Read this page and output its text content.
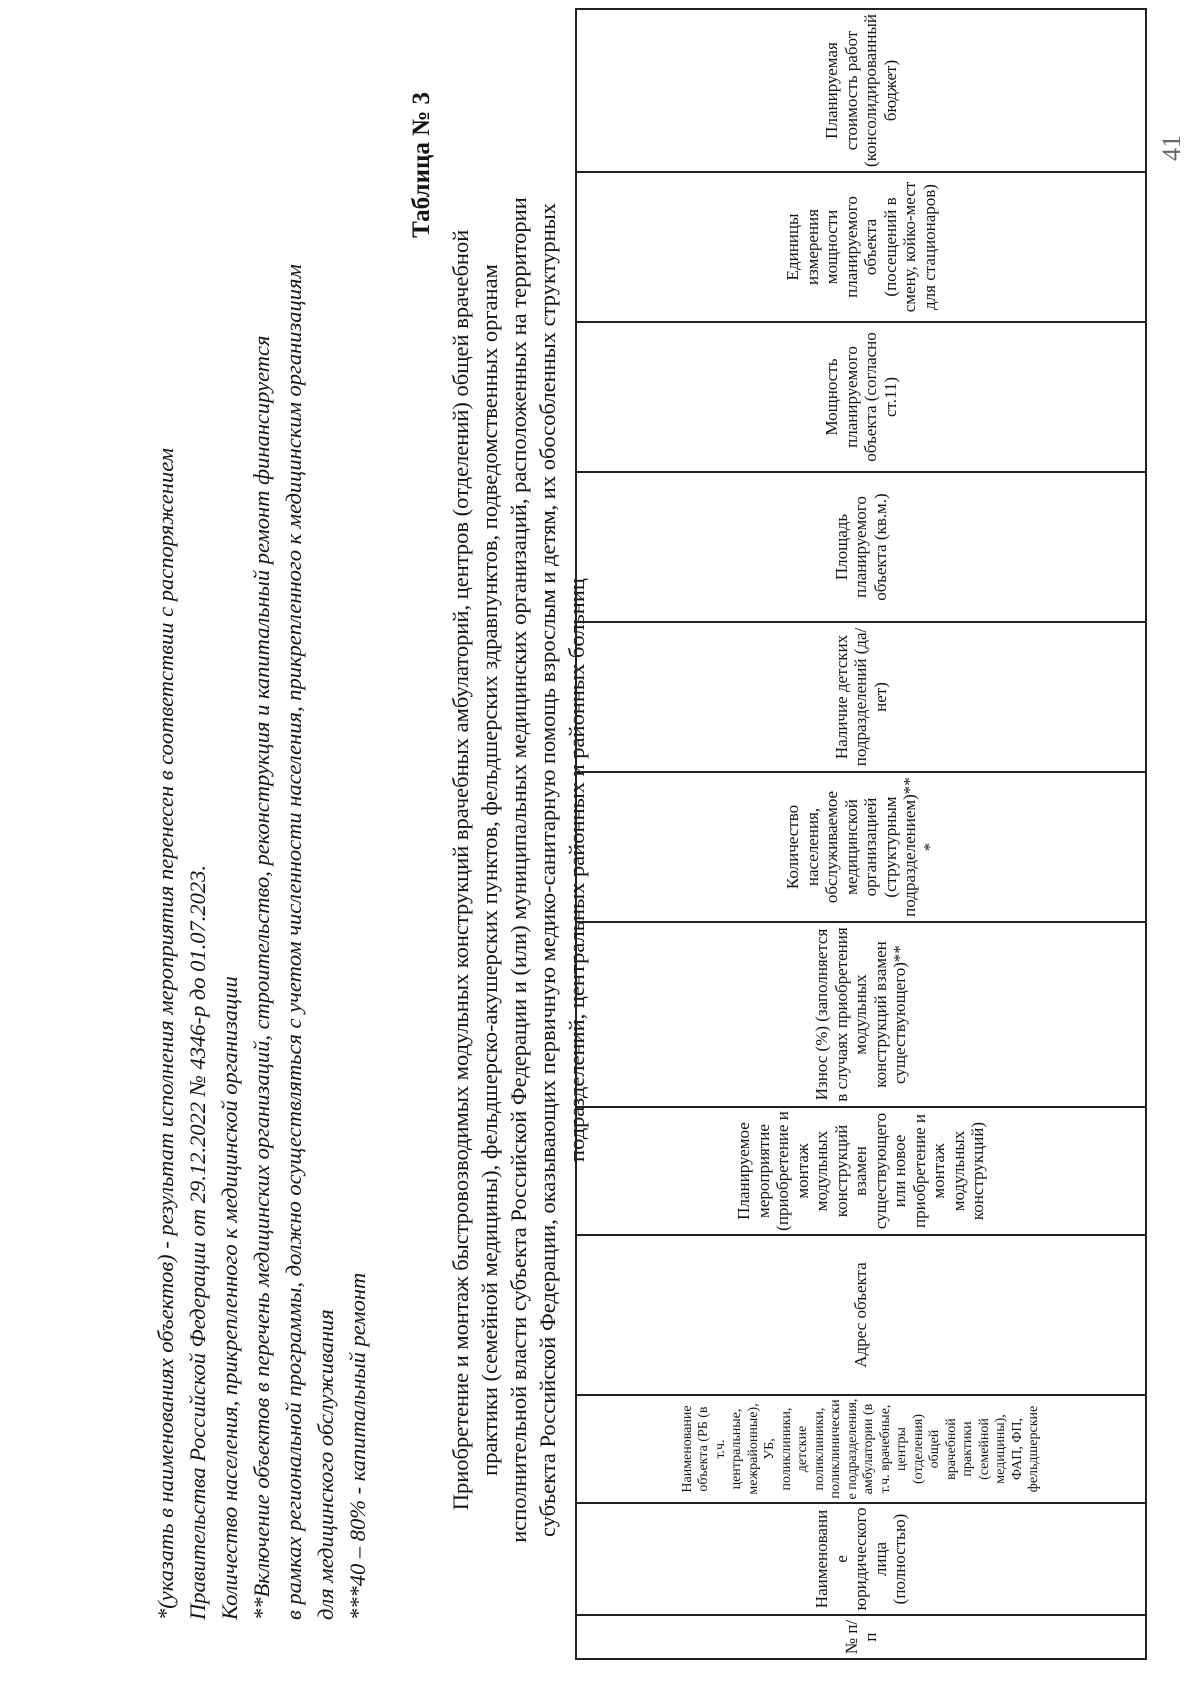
41
*(указать в наименованиях объектов) - результат исполнения мероприятия перенесен в соответствии с распоряжением Правительства Российской Федерации от 29.12.2022 № 4346-р до 01.07.2023. Количество населения, прикрепленного к медицинской организации **Включение объектов в перечень медицинских организаций, строительство, реконструкция и капитальный ремонт финансируется в рамках региональной программы, должно осуществляться с учетом численности населения, прикрепленного к медицинским организациям для медицинского обслуживания ***40 – 80% - капитальный ремонт
Таблица № 3
Приобретение и монтаж быстровозводимых модульных конструкций врачебных амбулаторий, центров (отделений) общей врачебной практики (семейной медицины), фельдшерско-акушерских пунктов, фельдшерских здравпунктов, подведомственных органам исполнительной власти субъекта Российской Федерации и (или) муниципальных медицинских организаций, расположенных на территории субъекта Российской Федерации, оказывающих первичную медико-санитарную помощь взрослым и детям, их обособленных структурных подразделений, центральных районных и районных больниц
№ п/п	Наименование юридического лица (полностью)	Наименование объекта (РБ (в т.ч. центральные, межрайонные), УБ, поликлиники, детские поликлиники, поликлинические подразделения, амбулатории (в т.ч. врачебные, центры (отделения) общей врачебной практики (семейной медицины), ФАП, ФП, фельдшерские	Адрес объекта	Планируемое мероприятие (приобретение и монтаж модульных конструкций взамен существующего или новое приобретение и монтаж модульных конструкций)	Износ (%) (заполняется в случаях приобретения модульных конструкций взамен существующего)**	Количество населения, обслуживаемое медицинской организацией (структурным подразделением)***	Наличие детских подразделений (да/нет)	Площадь планируемого объекта (кв.м.)	Мощность планируемого объекта (согласно ст.11)	Единицы измерения мощности планируемого объекта (посещений в смену, койко-мест для стационаров)	Планируемая стоимость работ (консолидированный бюджет)
